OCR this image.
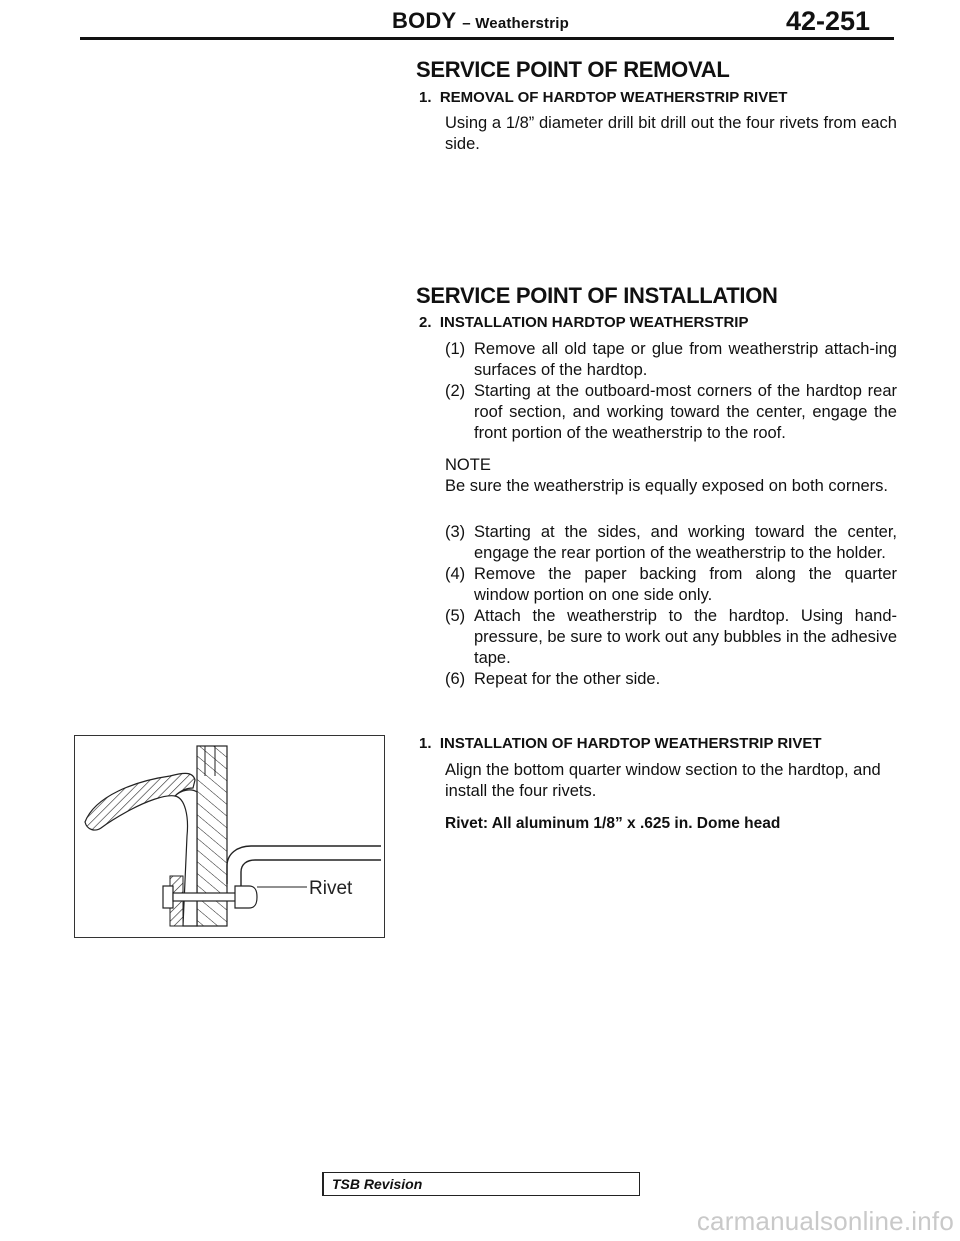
BODY – Weatherstrip	42-251
SERVICE POINT OF REMOVAL
1.  REMOVAL OF HARDTOP WEATHERSTRIP RIVET
Using a 1/8” diameter drill bit drill out the four rivets from each side.
SERVICE POINT OF INSTALLATION
2.  INSTALLATION HARDTOP WEATHERSTRIP
(1) Remove all old tape or glue from weatherstrip attach-ing surfaces of the hardtop.
(2) Starting at the outboard-most corners of the hardtop rear roof section, and working toward the center, engage the front portion of the weatherstrip to the roof.
NOTE
Be sure the weatherstrip is equally exposed on both corners.
(3) Starting at the sides, and working toward the center, engage the rear portion of the weatherstrip to the holder.
(4) Remove the paper backing from along the quarter window portion on one side only.
(5) Attach the weatherstrip to the hardtop. Using hand-pressure, be sure to work out any bubbles in the adhesive tape.
(6) Repeat for the other side.
1.  INSTALLATION OF HARDTOP WEATHERSTRIP RIVET
Align the bottom quarter window section to the hardtop, and install the four rivets.
Rivet: All aluminum 1/8” x .625 in. Dome head
Rivet
TSB Revision
carmanualsonline.info
